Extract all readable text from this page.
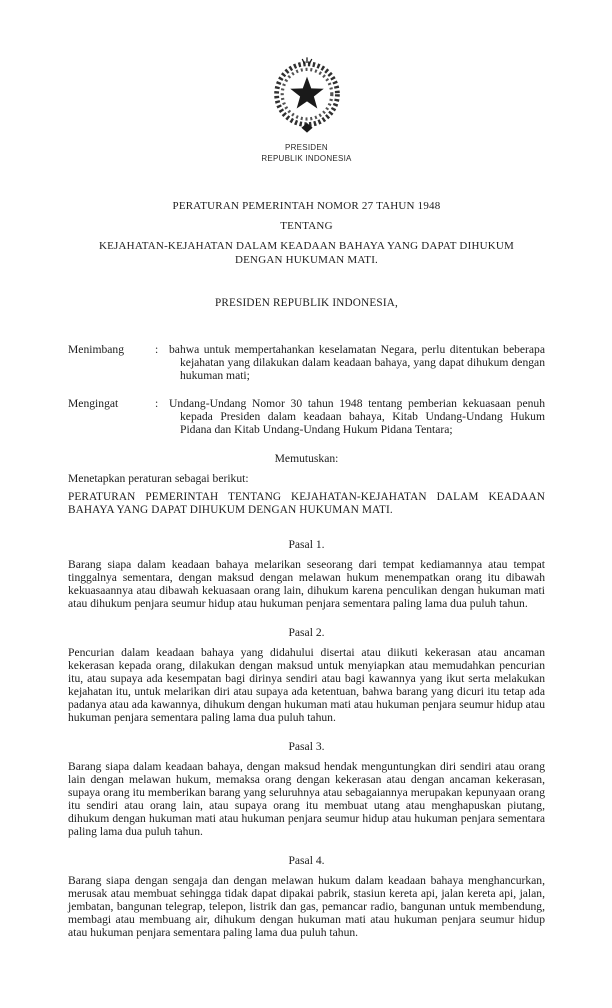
PRESIDEN
REPUBLIK INDONESIA
PERATURAN PEMERINTAH NOMOR 27 TAHUN 1948
TENTANG
KEJAHATAN-KEJAHATAN DALAM KEADAAN BAHAYA YANG DAPAT DIHUKUM DENGAN HUKUMAN MATI.
PRESIDEN REPUBLIK INDONESIA,
Menimbang	: bahwa untuk mempertahankan keselamatan Negara, perlu ditentukan beberapa kejahatan yang dilakukan dalam keadaan bahaya, yang dapat dihukum dengan hukuman mati;
Mengingat	: Undang-Undang Nomor 30 tahun 1948 tentang pemberian kekuasaan penuh kepada Presiden dalam keadaan bahaya, Kitab Undang-Undang Hukum Pidana dan Kitab Undang-Undang Hukum Pidana Tentara;
Memutuskan:
Menetapkan peraturan sebagai berikut:

PERATURAN PEMERINTAH TENTANG KEJAHATAN-KEJAHATAN DALAM KEADAAN BAHAYA YANG DAPAT DIHUKUM DENGAN HUKUMAN MATI.

Pasal 1.

Barang siapa dalam keadaan bahaya melarikan seseorang dari tempat kediamannya atau tempat tinggalnya sementara, dengan maksud dengan melawan hukum menempatkan orang itu dibawah kekuasaannya atau dibawah kekuasaan orang lain, dihukum karena penculikan dengan hukuman mati atau dihukum penjara seumur hidup atau hukuman penjara sementara paling lama dua puluh tahun.

Pasal 2.

Pencurian dalam keadaan bahaya yang didahului disertai atau diikuti kekerasan atau ancaman kekerasan kepada orang, dilakukan dengan maksud untuk menyiapkan atau memudahkan pencurian itu, atau supaya ada kesempatan bagi dirinya sendiri atau bagi kawannya yang ikut serta melakukan kejahatan itu, untuk melarikan diri atau supaya ada ketentuan, bahwa barang yang dicuri itu tetap ada padanya atau ada kawannya, dihukum dengan hukuman mati atau hukuman penjara seumur hidup atau hukuman penjara sementara paling lama dua puluh tahun.

Pasal 3.

Barang siapa dalam keadaan bahaya, dengan maksud hendak menguntungkan diri sendiri atau orang lain dengan melawan hukum, memaksa orang dengan kekerasan atau dengan ancaman kekerasan, supaya orang itu memberikan barang yang seluruhnya atau sebagaiannya merupakan kepunyaan orang itu sendiri atau orang lain, atau supaya orang itu membuat utang atau menghapuskan piutang, dihukum dengan hukuman mati atau hukuman penjara seumur hidup atau hukuman penjara sementara paling lama dua puluh tahun.

Pasal 4.

Barang siapa dengan sengaja dan dengan melawan hukum dalam keadaan bahaya menghancurkan, merusak atau membuat sehingga tidak dapat dipakai pabrik, stasiun kereta api, jalan kereta api, jalan, jembatan, bangunan telegrap, telepon, listrik dan gas, pemancar radio, bangunan untuk membendung, membagi atau membuang air, dihukum dengan hukuman mati atau hukuman penjara seumur hidup atau hukuman penjara sementara paling lama dua puluh tahun.
